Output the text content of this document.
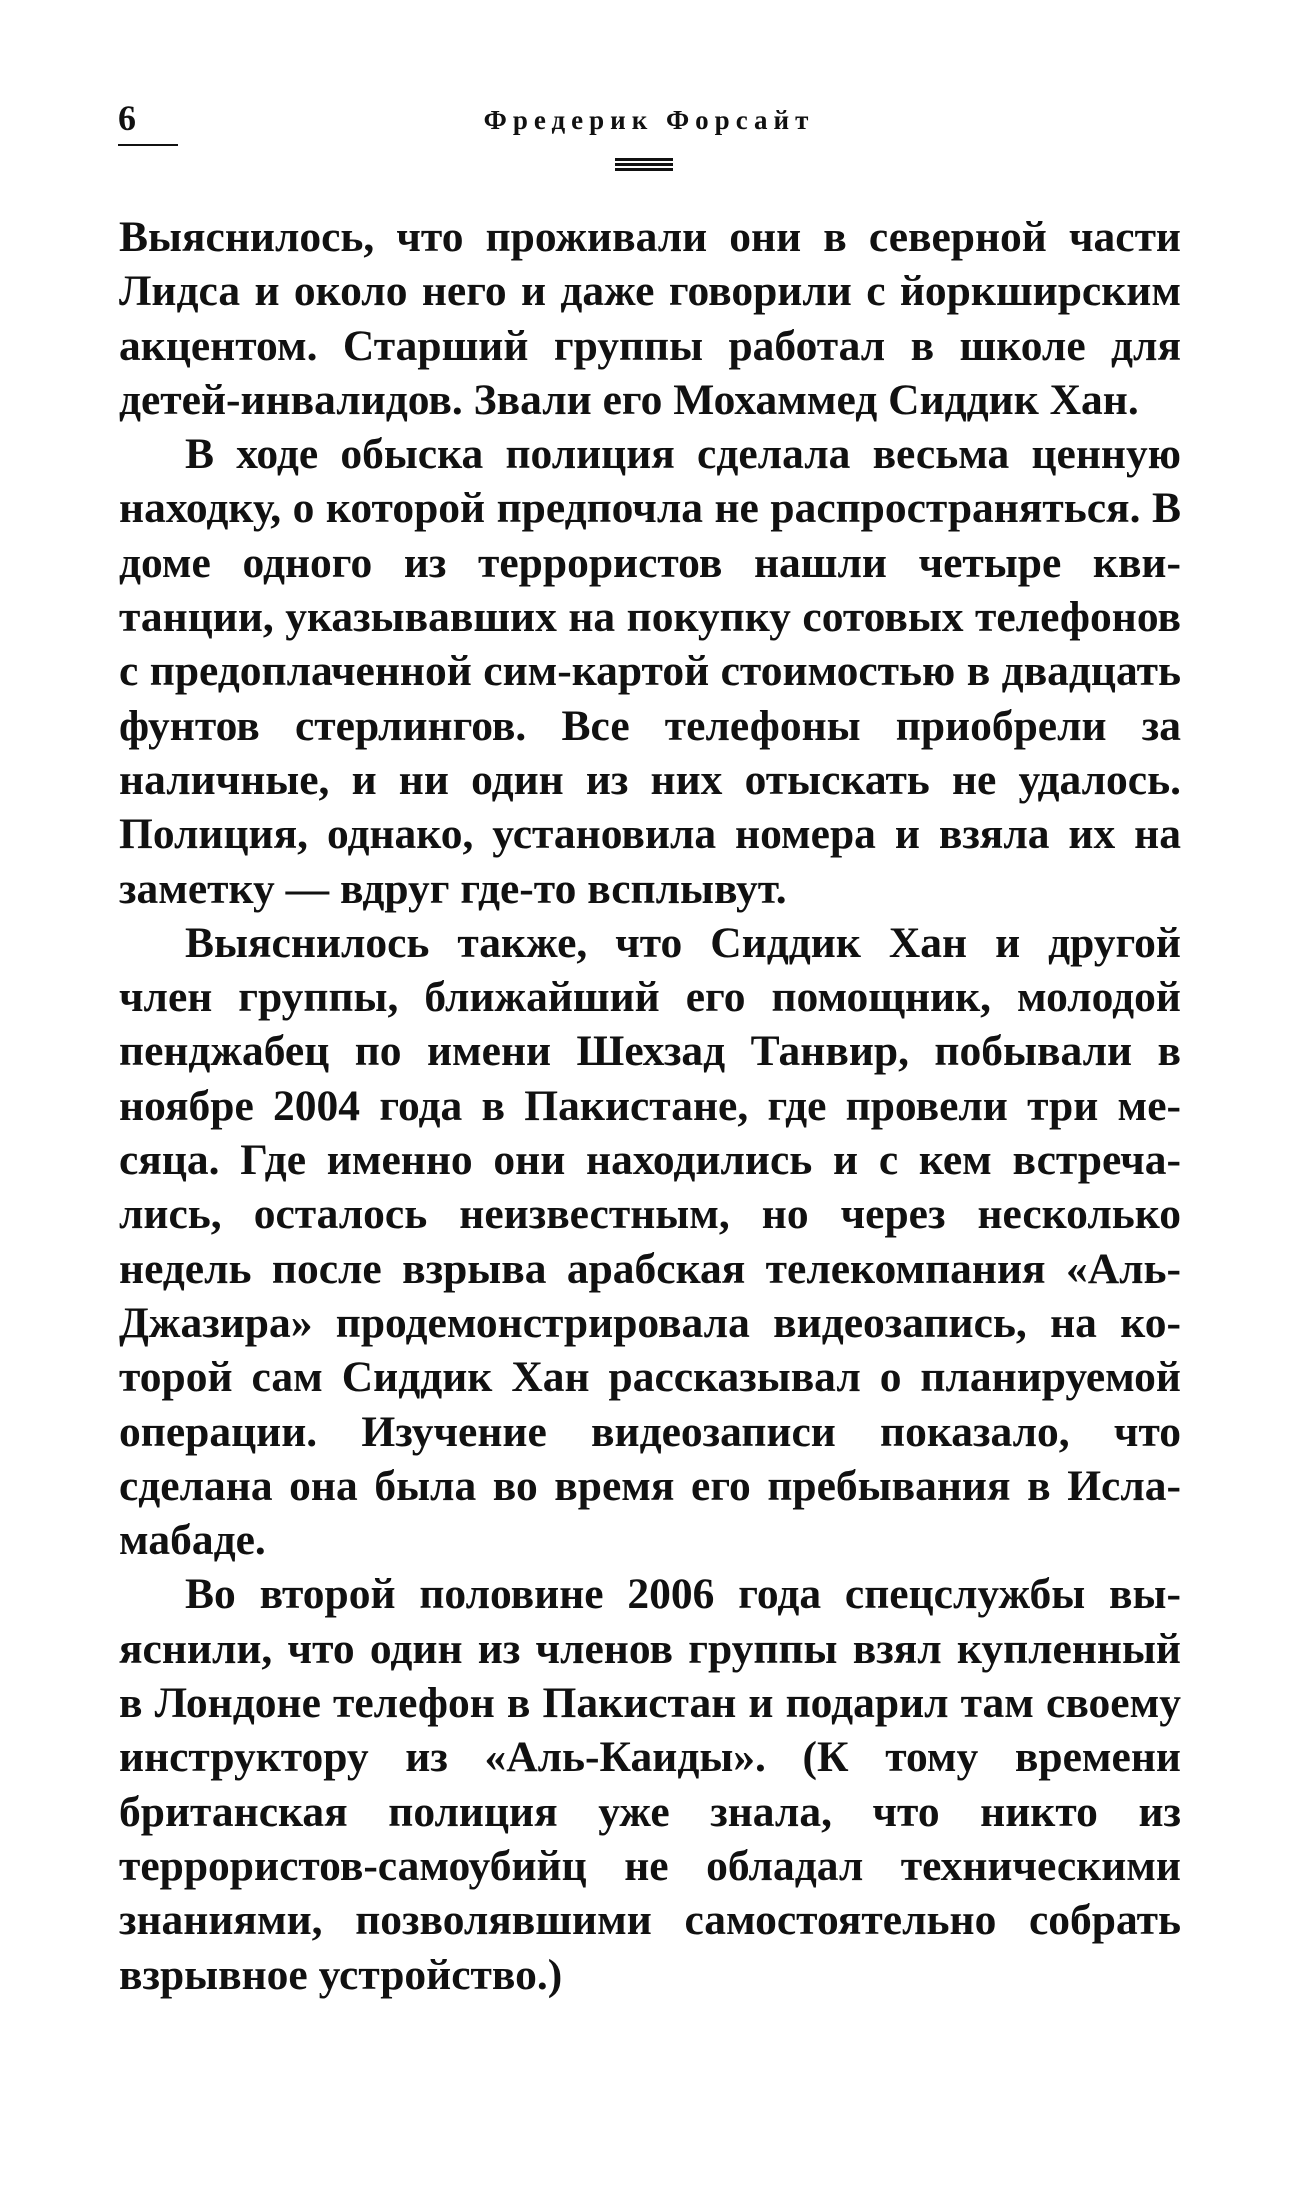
6	Фредерик Форсайт

Выяснилось, что проживали они в северной части Лидса и около него и даже говорили с йоркширским акцентом. Старший группы работал в школе для детей-инвалидов. Звали его Мохаммед Сиддик Хан.

В ходе обыска полиция сделала весьма ценную находку, о которой предпочла не распространяться. В доме одного из террористов нашли четыре квитанции, указывавших на покупку сотовых телефонов с предоплаченной сим-картой стоимостью в двадцать фунтов стерлингов. Все телефоны приобрели за наличные, и ни один из них отыскать не удалось. Полиция, однако, установила номера и взяла их на заметку — вдруг где-то всплывут.

Выяснилось также, что Сиддик Хан и другой член группы, ближайший его помощник, молодой пенджабец по имени Шехзад Танвир, побывали в ноябре 2004 года в Пакистане, где провели три месяца. Где именно они находились и с кем встречались, осталось неизвестным, но через несколько недель после взрыва арабская телекомпания «Аль-Джазира» продемонстрировала видеозапись, на которой сам Сиддик Хан рассказывал о планируемой операции. Изучение видеозаписи показало, что сделана она была во время его пребывания в Исламабаде.

Во второй половине 2006 года спецслужбы выяснили, что один из членов группы взял купленный в Лондоне телефон в Пакистан и подарил там своему инструктору из «Аль-Каиды». (К тому времени британская полиция уже знала, что никто из террористов-самоубийц не обладал техническими знаниями, позволявшими самостоятельно собрать взрывное устройство.)
